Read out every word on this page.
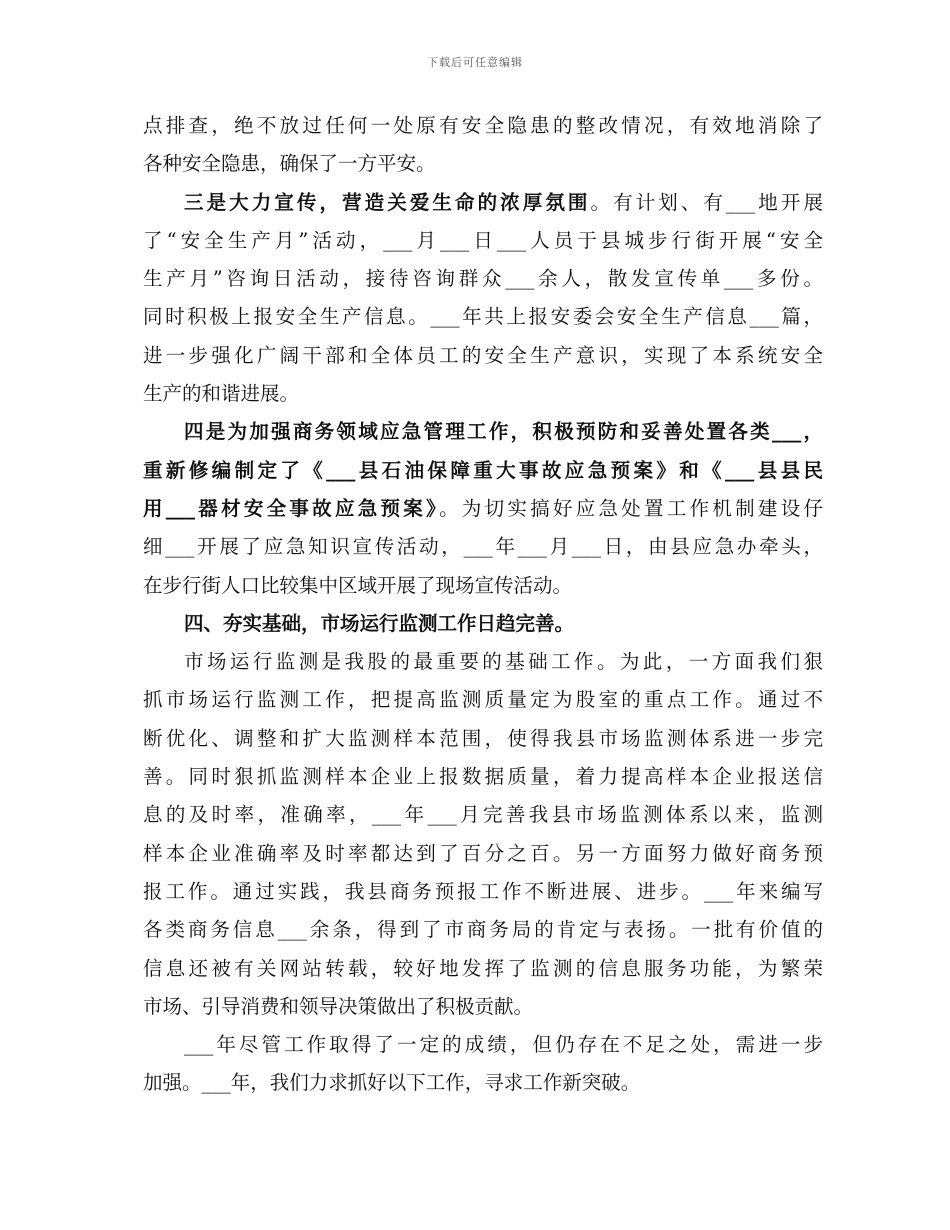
下载后可任意编辑
点排查，绝不放过任何一处原有安全隐患的整改情况，有效地消除了
各种安全隐患，确保了一方平安。
三是大力宣传，营造关爱生命的浓厚氛围。有计划、有___地开展
了“安全生产月”活动，___月___日___人员于县城步行街开展“安全
生产月”咨询日活动，接待咨询群众___余人，散发宣传单___多份。
同时积极上报安全生产信息。___年共上报安委会安全生产信息___篇，
进一步强化广阔干部和全体员工的安全生产意识，实现了本系统安全
生产的和谐进展。
四是为加强商务领域应急管理工作，积极预防和妥善处置各类___，
重新修编制定了《___县石油保障重大事故应急预案》和《___县县民
用___器材安全事故应急预案》。为切实搞好应急处置工作机制建设仔
细___开展了应急知识宣传活动，___年___月___日，由县应急办牵头，
在步行街人口比较集中区域开展了现场宣传活动。
四、夯实基础，市场运行监测工作日趋完善。
市场运行监测是我股的最重要的基础工作。为此，一方面我们狠
抓市场运行监测工作，把提高监测质量定为股室的重点工作。通过不
断优化、调整和扩大监测样本范围，使得我县市场监测体系进一步完
善。同时狠抓监测样本企业上报数据质量，着力提高样本企业报送信
息的及时率，准确率，___年___月完善我县市场监测体系以来，监测
样本企业准确率及时率都达到了百分之百。另一方面努力做好商务预
报工作。通过实践，我县商务预报工作不断进展、进步。___年来编写
各类商务信息___余条，得到了市商务局的肯定与表扬。一批有价值的
信息还被有关网站转载，较好地发挥了监测的信息服务功能，为繁荣
市场、引导消费和领导决策做出了积极贡献。
___年尽管工作取得了一定的成绩，但仍存在不足之处，需进一步
加强。___年，我们力求抓好以下工作，寻求工作新突破。
